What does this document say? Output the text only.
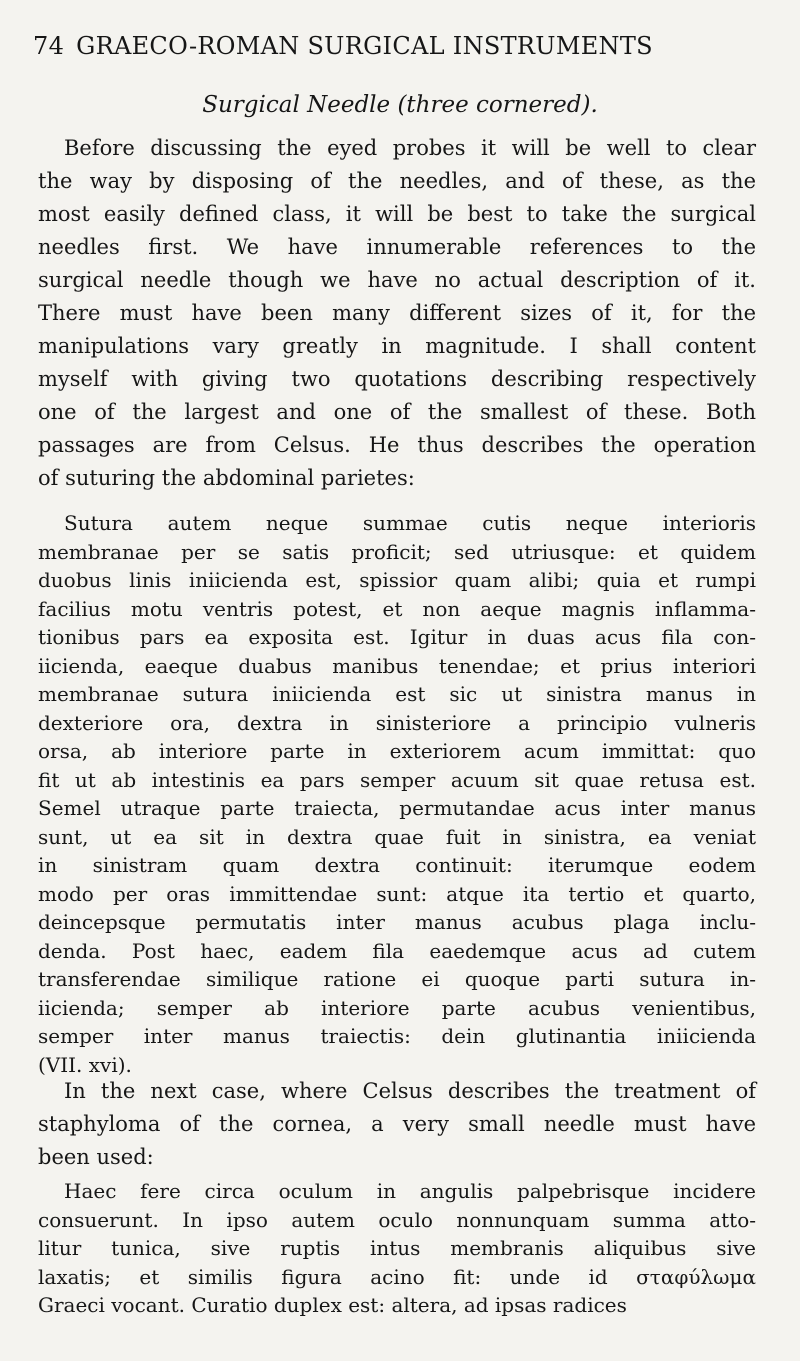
74 GRAECO-ROMAN SURGICAL INSTRUMENTS
Surgical Needle (three cornered).

Before discussing the eyed probes it will be well to clear

the way by disposing of the needles, and of these, as the

most easily defined class, it will be best to take the surgical

needles first. We have innumerable references to the

surgical needle though we have no actual description of it.

There must have been many different sizes of it, for the

manipulations vary greatly in magnitude. I shall content

myself with giving two quotations describing respectively

one of the largest and one of the smallest of these. Both

passages are from Celsus. He thus describes the operation

of suturing the abdominal parietes:

Sutura autem neque summae cutis neque interioris

membranae per se satis proficit; sed utriusque: et quidem

duobus linis iniicienda est, spissior quam alibi; quia et rumpi

facilius motu ventris potest, et non aeque magnis inflamma-

tionibus pars ea exposita est. Igitur in duas acus fila con-

iicienda, eaeque duabus manibus tenendae; et prius interiori

membranae sutura iniicienda est sic ut sinistra manus in

dexteriore ora, dextra in sinisteriore a principio vulneris

orsa, ab interiore parte in exteriorem acum immittat: quo

fit ut ab intestinis ea pars semper acuum sit quae retusa est.

Semel utraque parte traiecta, permutandae acus inter manus

sunt, ut ea sit in dextra quae fuit in sinistra, ea veniat

in sinistram quam dextra continuit: iterumque eodem

modo per oras immittendae sunt: atque ita tertio et quarto,

deincepsque permutatis inter manus acubus plaga inclu-

denda. Post haec, eadem fila eaedemque acus ad cutem

transferendae similique ratione ei quoque parti sutura in-

iicienda; semper ab interiore parte acubus venientibus,

semper inter manus traiectis: dein glutinantia iniicienda

(VII. xvi).

In the next case, where Celsus describes the treatment of

staphyloma of the cornea, a very small needle must have

been used:

Haec fere circa oculum in angulis palpebrisque incidere

consuerunt. In ipso autem oculo nonnunquam summa atto-

litur tunica, sive ruptis intus membranis aliquibus sive

laxatis; et similis figura acino fit: unde id σταφύλωμα

Graeci vocant. Curatio duplex est: altera, ad ipsas radices
